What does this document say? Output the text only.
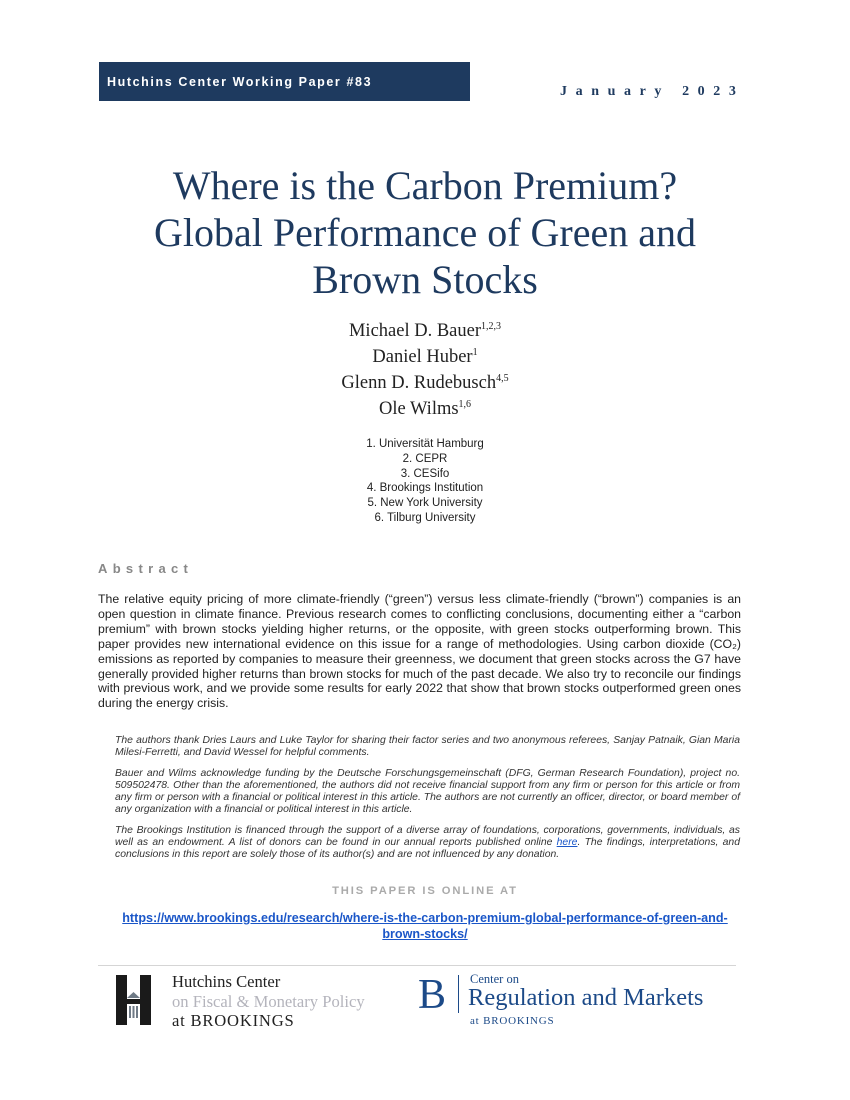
Hutchins Center Working Paper #83
January 2023
Where is the Carbon Premium?
Global Performance of Green and
Brown Stocks
Michael D. Bauer$^{1,2,3}$
Daniel Huber$^1$
Glenn D. Rudebusch$^{4,5}$
Ole Wilms$^{1,6}$
1. Universität Hamburg
2. CEPR
3. CESifo
4. Brookings Institution
5. New York University
6. Tilburg University
Abstract

The relative equity pricing of more climate-friendly (“green”) versus less climate-friendly (“brown”) companies is an open question in climate finance. Previous research comes to conflicting conclusions, documenting either a “carbon premium” with brown stocks yielding higher returns, or the opposite, with green stocks outperforming brown. This paper provides new international evidence on this issue for a range of methodologies. Using carbon dioxide (CO₂) emissions as reported by companies to measure their greenness, we document that green stocks across the G7 have generally provided higher returns than brown stocks for much of the past decade. We also try to reconcile our findings with previous work, and we provide some results for early 2022 that show that brown stocks outperformed green ones during the energy crisis.

The authors thank Dries Laurs and Luke Taylor for sharing their factor series and two anonymous referees, Sanjay Patnaik, Gian Maria Milesi-Ferretti, and David Wessel for helpful comments.

Bauer and Wilms acknowledge funding by the Deutsche Forschungsgemeinschaft (DFG, German Research Foundation), project no. 509502478. Other than the aforementioned, the authors did not receive financial support from any firm or person for this article or from any firm or person with a financial or political interest in this article. The authors are not currently an officer, director, or board member of any organization with a financial or political interest in this article.

The Brookings Institution is financed through the support of a diverse array of foundations, corporations, governments, individuals, as well as an endowment. A list of donors can be found in our annual reports published online here. The findings, interpretations, and conclusions in this report are solely those of its author(s) and are not influenced by any donation.

THIS PAPER IS ONLINE AT
https://www.brookings.edu/research/where-is-the-carbon-premium-global-performance-of-green-and-brown-stocks/
Hutchins Center
on Fiscal & Monetary Policy
at BROOKINGS
B Center on
Regulation and Markets
at BROOKINGS
